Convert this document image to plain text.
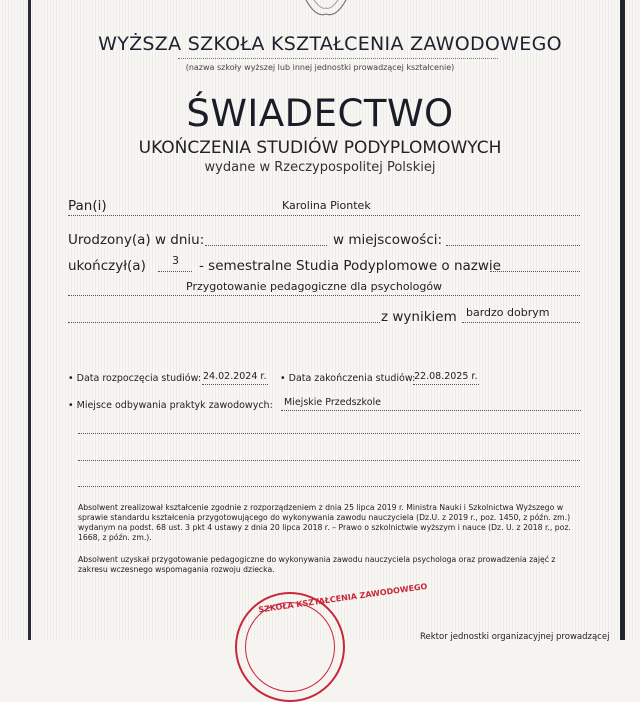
WYŻSZA SZKOŁA KSZTAŁCENIA ZAWODOWEGO
(nazwa szkoły wyższej lub innej jednostki prowadzącej kształcenie)
ŚWIADECTWO
UKOŃCZENIA STUDIÓW PODYPLOMOWYCH
wydane w Rzeczypospolitej Polskiej
Pan(i)	Karolina Piontek
Urodzony(a) w dniu:	w miejscowości:
ukończył(a) 3 - semestralne Studia Podyplomowe o nazwie
Przygotowanie pedagogiczne dla psychologów
z wynikiem bardzo dobrym
• Data rozpoczęcia studiów: 24.02.2024 r. • Data zakończenia studiów:
22.08.2025 r.
• Miejsce odbywania praktyk zawodowych: Miejskie Przedszkole
Absolwent zrealizował kształcenie zgodnie z rozporządzeniem z dnia 25 lipca 2019 r. Ministra Nauki i Szkolnictwa Wyższego w sprawie standardu kształcenia przygotowującego do wykonywania zawodu nauczyciela (Dz.U. z 2019 r., poz. 1450, z późn. zm.) wydanym na podst. 68 ust. 3 pkt 4 ustawy z dnia 20 lipca 2018 r. – Prawo o szkolnictwie wyższym i nauce (Dz. U. z 2018 r., poz. 1668, z późn. zm.).
Absolwent uzyskał przygotowanie pedagogiczne do wykonywania zawodu nauczyciela psychologa oraz prowadzenia zajęć z zakresu wczesnego wspomagania rozwoju dziecka.
Rektor jednostki organizacyjnej prowadzącej
